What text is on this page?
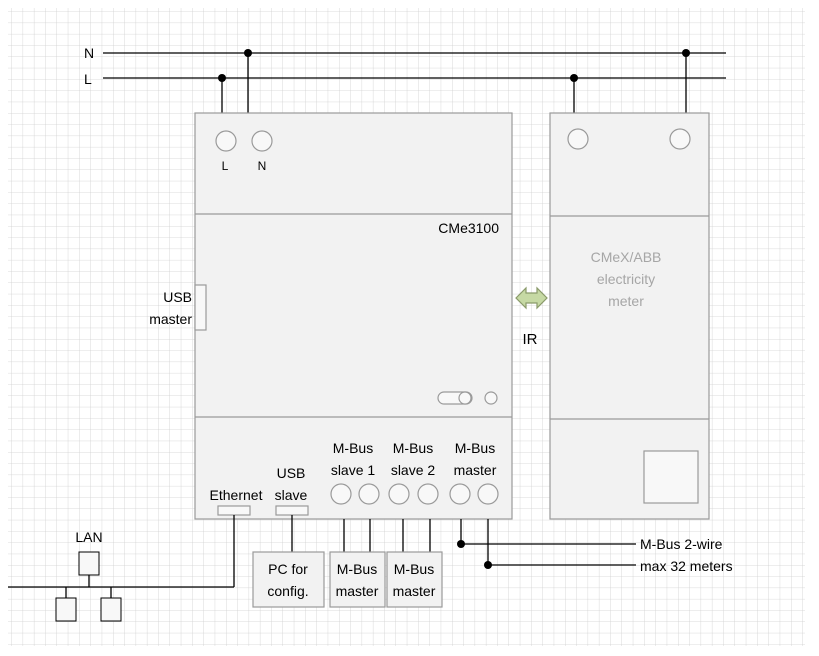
N
L
L N
CMe3100
USB
master
Ethernet
USB
slave
M-Bus
slave 1
M-Bus
slave 2
M-Bus
master
IR
CMeX/ABB
electricity
meter
LAN
PC for
config.
M-Bus
master
M-Bus
master
M-Bus 2-wire
max 32 meters
